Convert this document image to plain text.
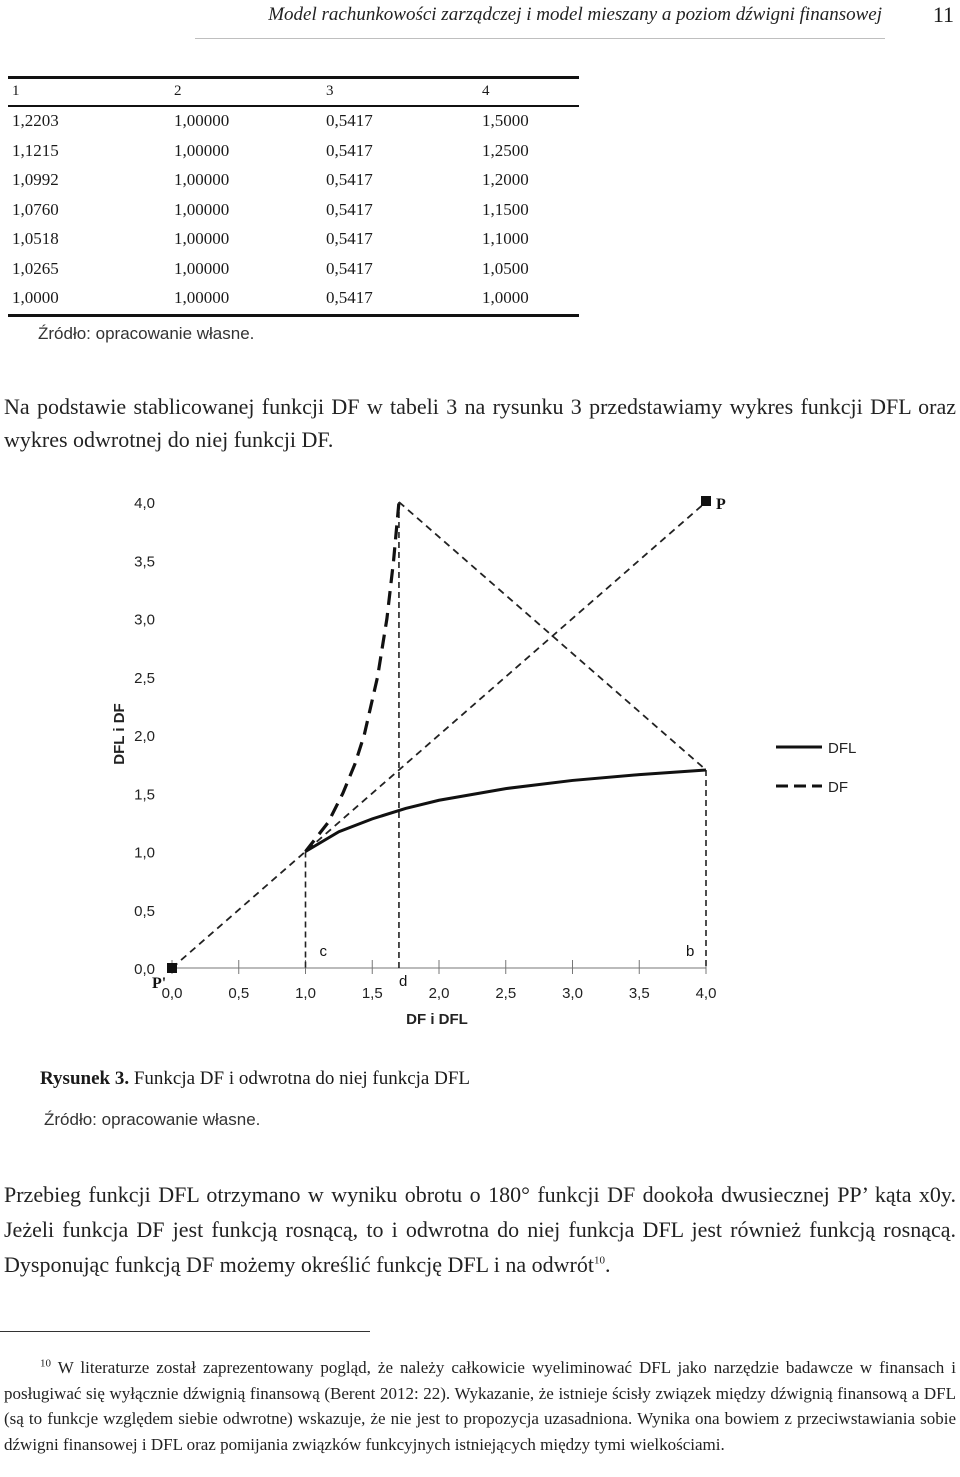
Model rachunkowości zarządczej i model mieszany a poziom dźwigni finansowej 11
1	2	3	4
1,2203	1,00000	0,5417	1,5000
1,1215	1,00000	0,5417	1,2500
1,0992	1,00000	0,5417	1,2000
1,0760	1,00000	0,5417	1,1500
1,0518	1,00000	0,5417	1,1000
1,0265	1,00000	0,5417	1,0500
1,0000	1,00000	0,5417	1,0000
Źródło: opracowanie własne.
Na podstawie stablicowanej funkcji DF w tabeli 3 na rysunku 3 przedstawiamy wykres funkcji DFL oraz wykres odwrotnej do niej funkcji DF.
0,0	0,5	1,0	1,5	2,0	2,5	3,0	3,5	4,0
0,0
0,5
1,0
1,5
2,0
2,5
3,0
3,5
4,0
DF i DFL
DFL i DF
P
P'
c
d
b
DFL
DF
Rysunek 3. Funkcja DF i odwrotna do niej funkcja DFL
Źródło: opracowanie własne.
Przebieg funkcji DFL otrzymano w wyniku obrotu o 180° funkcji DF dookoła dwusiecznej PP’ kąta x0y. Jeżeli funkcja DF jest funkcją rosnącą, to i odwrotna do niej funkcja DFL jest również funkcją rosnącą. Dysponując funkcją DF możemy określić funkcję DFL i na odwrót$^{10}$.
$^{10}$ W literaturze został zaprezentowany pogląd, że należy całkowicie wyeliminować DFL jako narzędzie badawcze w finansach i posługiwać się wyłącznie dźwignią finansową (Berent 2012: 22). Wykazanie, że istnieje ścisły związek między dźwignią finansową a DFL (są to funkcje względem siebie odwrotne) wskazuje, że nie jest to propozycja uzasadniona. Wynika ona bowiem z przeciwstawiania sobie dźwigni finansowej i DFL oraz pomijania związków funkcyjnych istniejących między tymi wielkościami.
